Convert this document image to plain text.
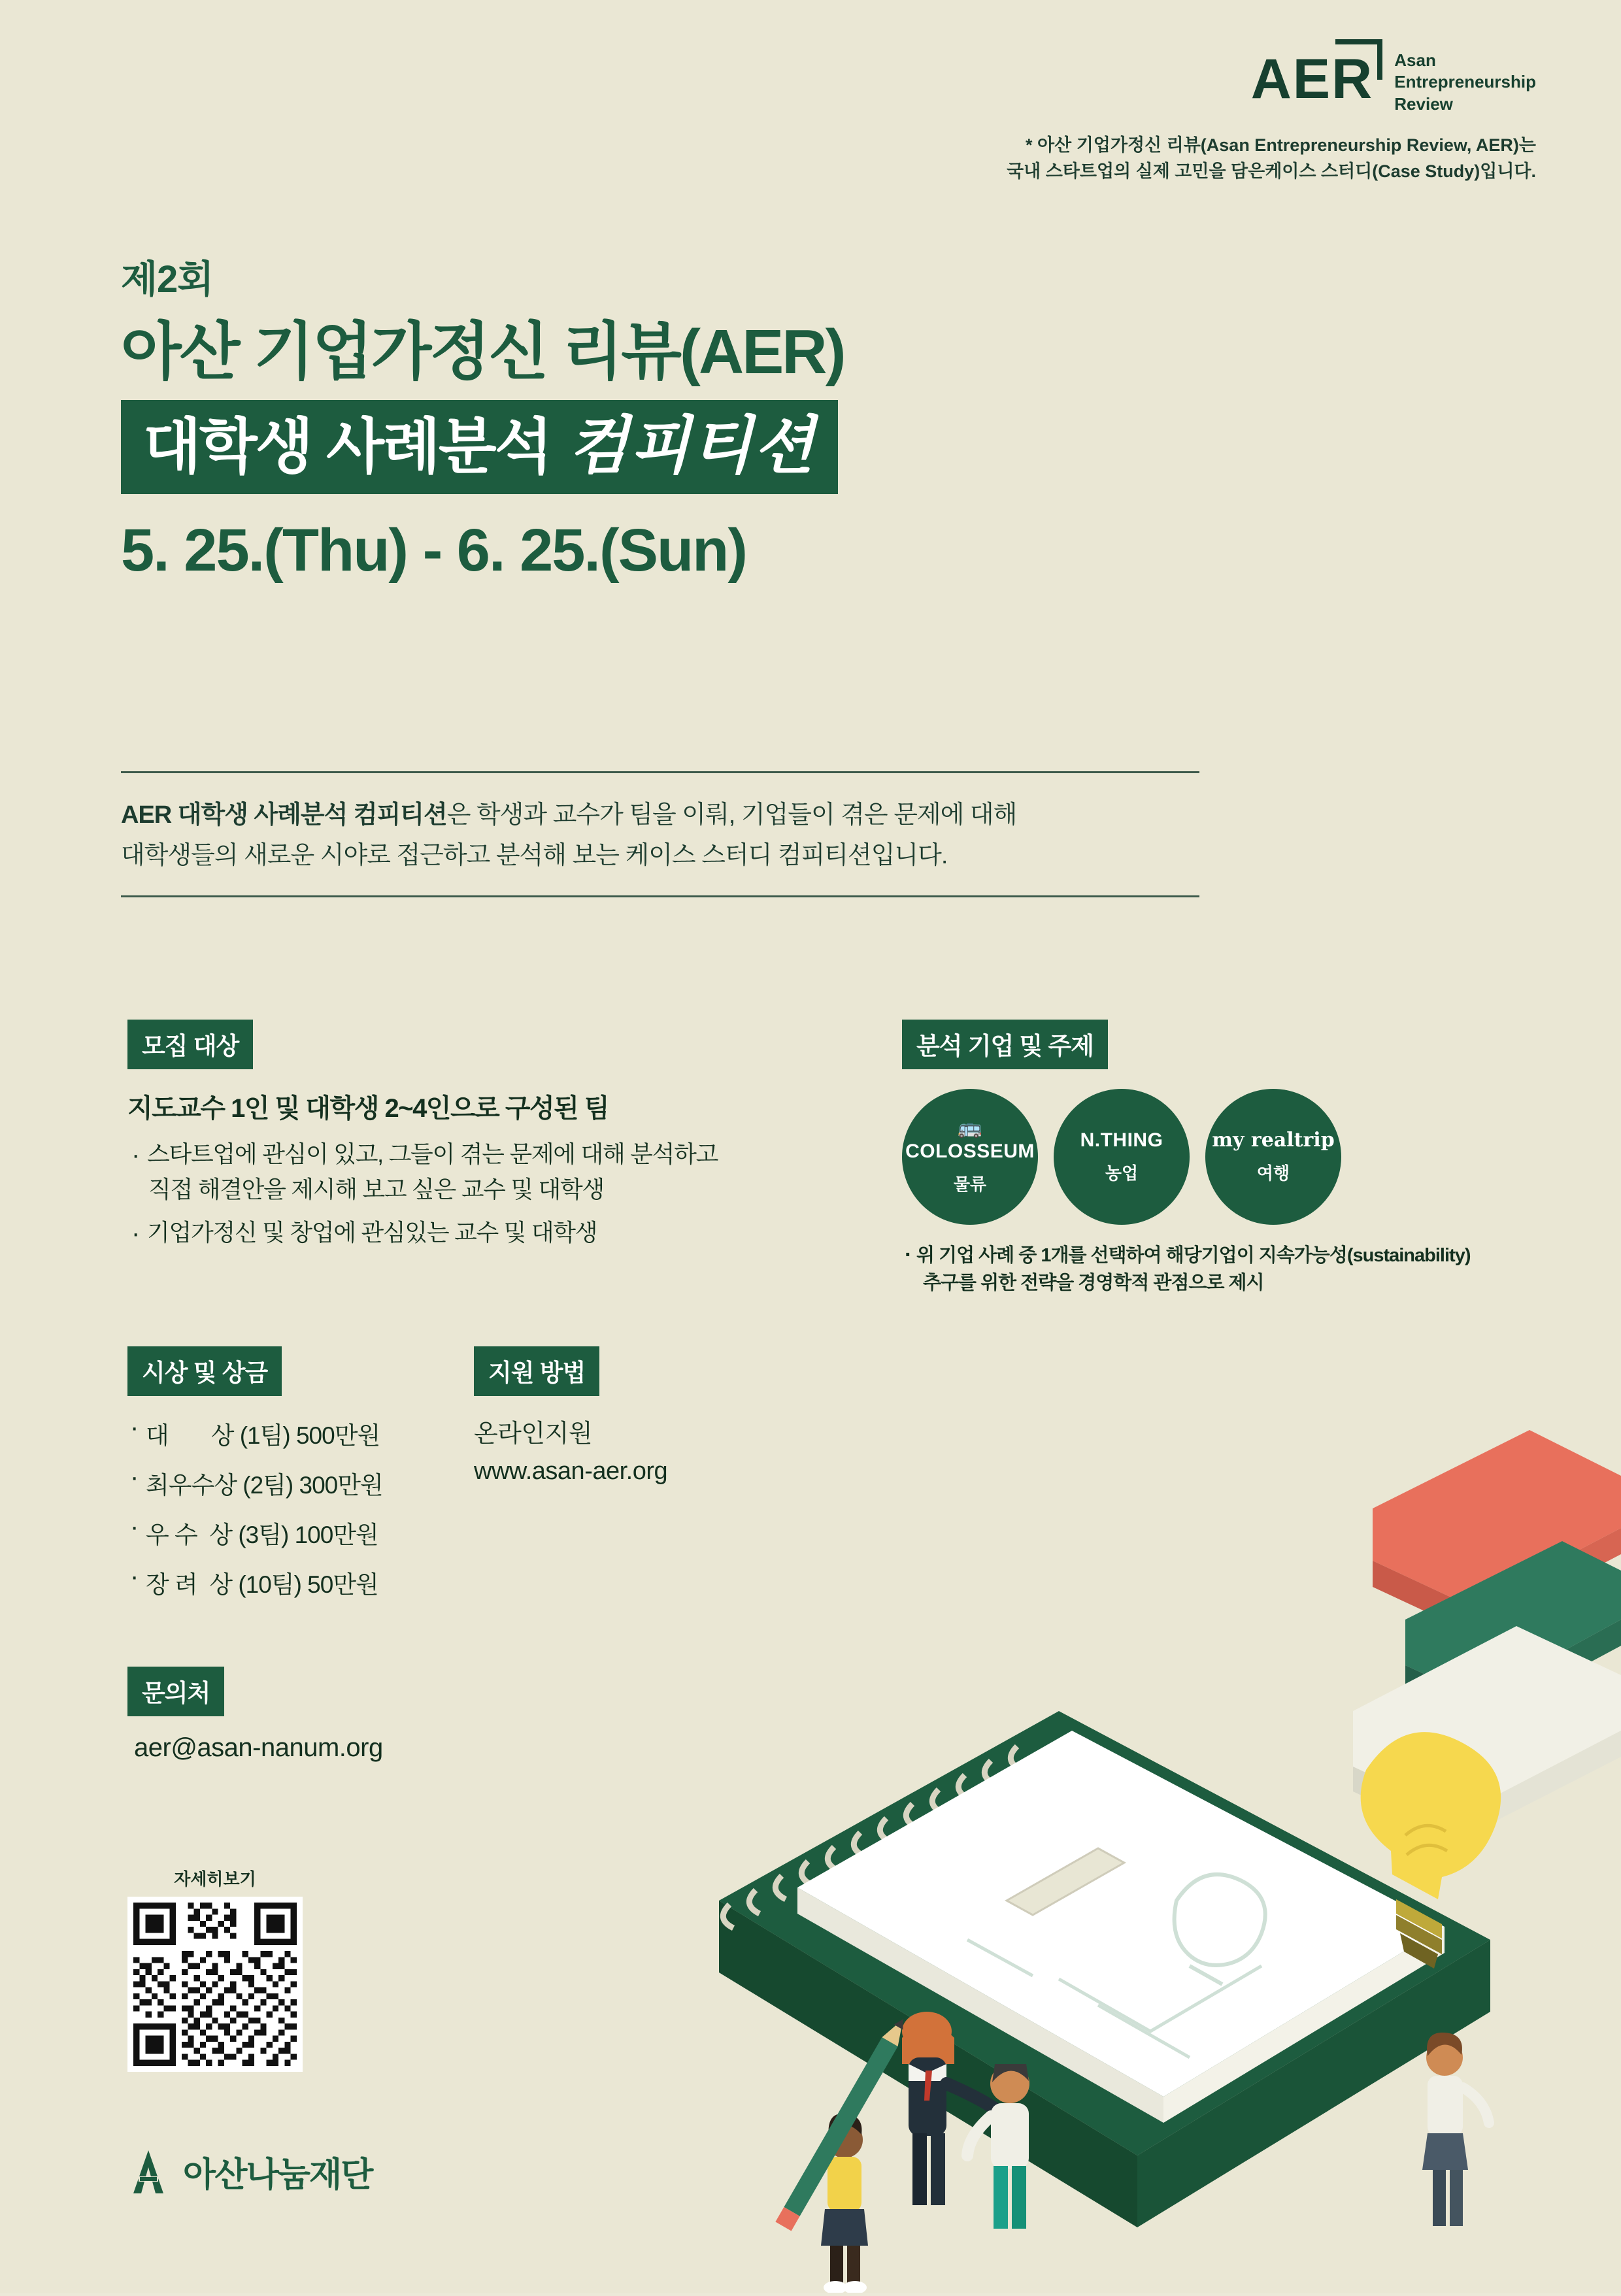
AER	Asan
Entrepreneurship
Review
* 아산 기업가정신 리뷰(Asan Entrepreneurship Review, AER)는
국내 스타트업의 실제 고민을 담은케이스 스터디(Case Study)입니다.
제2회
아산 기업가정신 리뷰(AER)
대학생 사례분석 컴피티션
5. 25.(Thu) - 6. 25.(Sun)
AER 대학생 사례분석 컴피티션은 학생과 교수가 팀을 이뤄, 기업들이 겪은 문제에 대해
대학생들의 새로운 시야로 접근하고 분석해 보는 케이스 스터디 컴피티션입니다.
모집 대상
지도교수 1인 및 대학생 2~4인으로 구성된 팀
· 스타트업에 관심이 있고, 그들이 겪는 문제에 대해 분석하고
직접 해결안을 제시해 보고 싶은 교수 및 대학생
· 기업가정신 및 창업에 관심있는 교수 및 대학생
분석 기업 및 주제
🚌
COLOSSEUM
물류
N.THING
농업
my realtrip
여행
· 위 기업 사례 중 1개를 선택하여 해당기업이 지속가능성(sustainability)
추구를 위한 전략을 경영학적 관점으로 제시
시상 및 상금
· 대       상 (1팀) 500만원
· 최우수상 (2팀) 300만원
· 우 수  상 (3팀) 100만원
· 장 려  상 (10팀) 50만원
지원 방법
온라인지원
www.asan-aer.org
문의처
aer@asan-nanum.org
자세히보기
아산나눔재단
